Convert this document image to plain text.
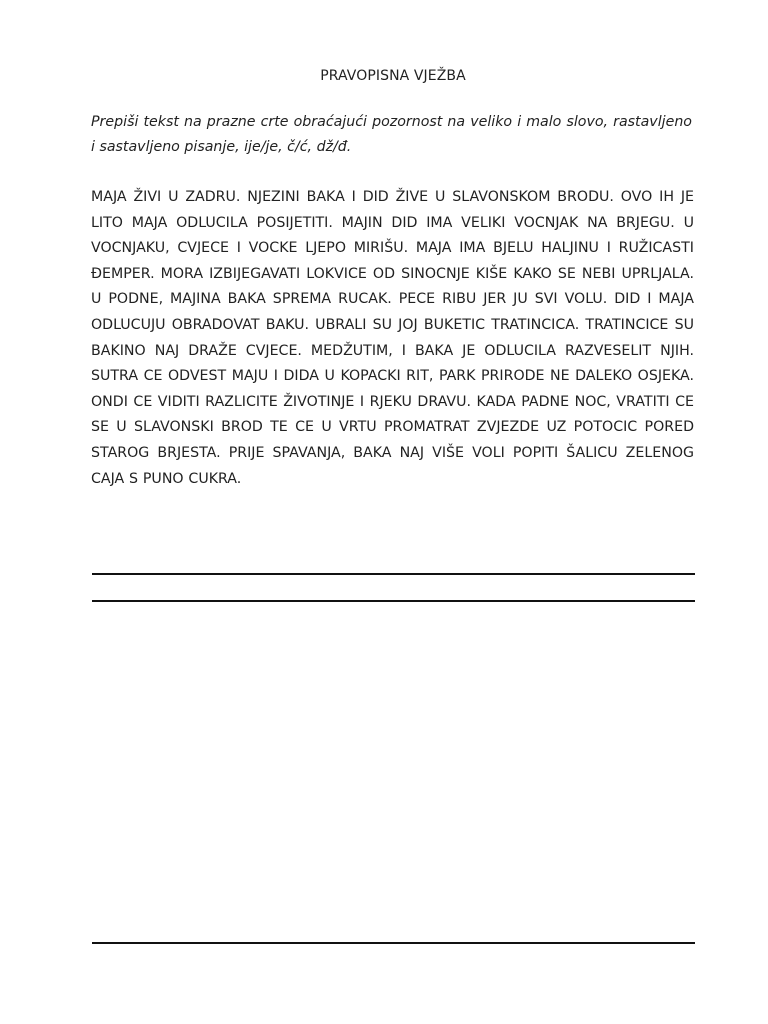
PRAVOPISNA VJEŽBA

Prepiši tekst na prazne crte obraćajući pozornost na veliko i malo slovo, rastavljeno i sastavljeno pisanje, ije/je, č/ć, dž/đ.

MAJA ŽIVI U ZADRU. NJEZINI BAKA I DID ŽIVE U SLAVONSKOM BRODU. OVO IH JE LITO MAJA ODLUCILA POSIJETITI. MAJIN DID IMA VELIKI VOCNJAK NA BRJEGU. U VOCNJAKU, CVJECE I VOCKE LJEPO MIRIŠU. MAJA IMA BJELU HALJINU I RUŽICASTI ĐEMPER. MORA IZBIJEGAVATI LOKVICE OD SINOCNJE KIŠE KAKO SE NEBI UPRLJALA. U PODNE, MAJINA BAKA SPREMA RUCAK. PECE RIBU JER JU SVI VOLU. DID I MAJA ODLUCUJU OBRADOVAT BAKU. UBRALI SU JOJ BUKETIC TRATINCICA. TRATINCICE SU BAKINO NAJ DRAŽE CVJECE. MEDŽUTIM, I BAKA JE ODLUCILA RAZVESELIT NJIH. SUTRA CE ODVEST MAJU I DIDA U KOPACKI RIT, PARK PRIRODE NE DALEKO OSJEKA. ONDI CE VIDITI RAZLICITE ŽIVOTINJE I RJEKU DRAVU. KADA PADNE NOC, VRATITI CE SE U SLAVONSKI BROD TE CE U VRTU PROMATRAT ZVJEZDE UZ POTOCIC PORED STAROG BRJESTA. PRIJE SPAVANJA, BAKA NAJ VIŠE VOLI POPITI ŠALICU ZELENOG CAJA S PUNO CUKRA.
